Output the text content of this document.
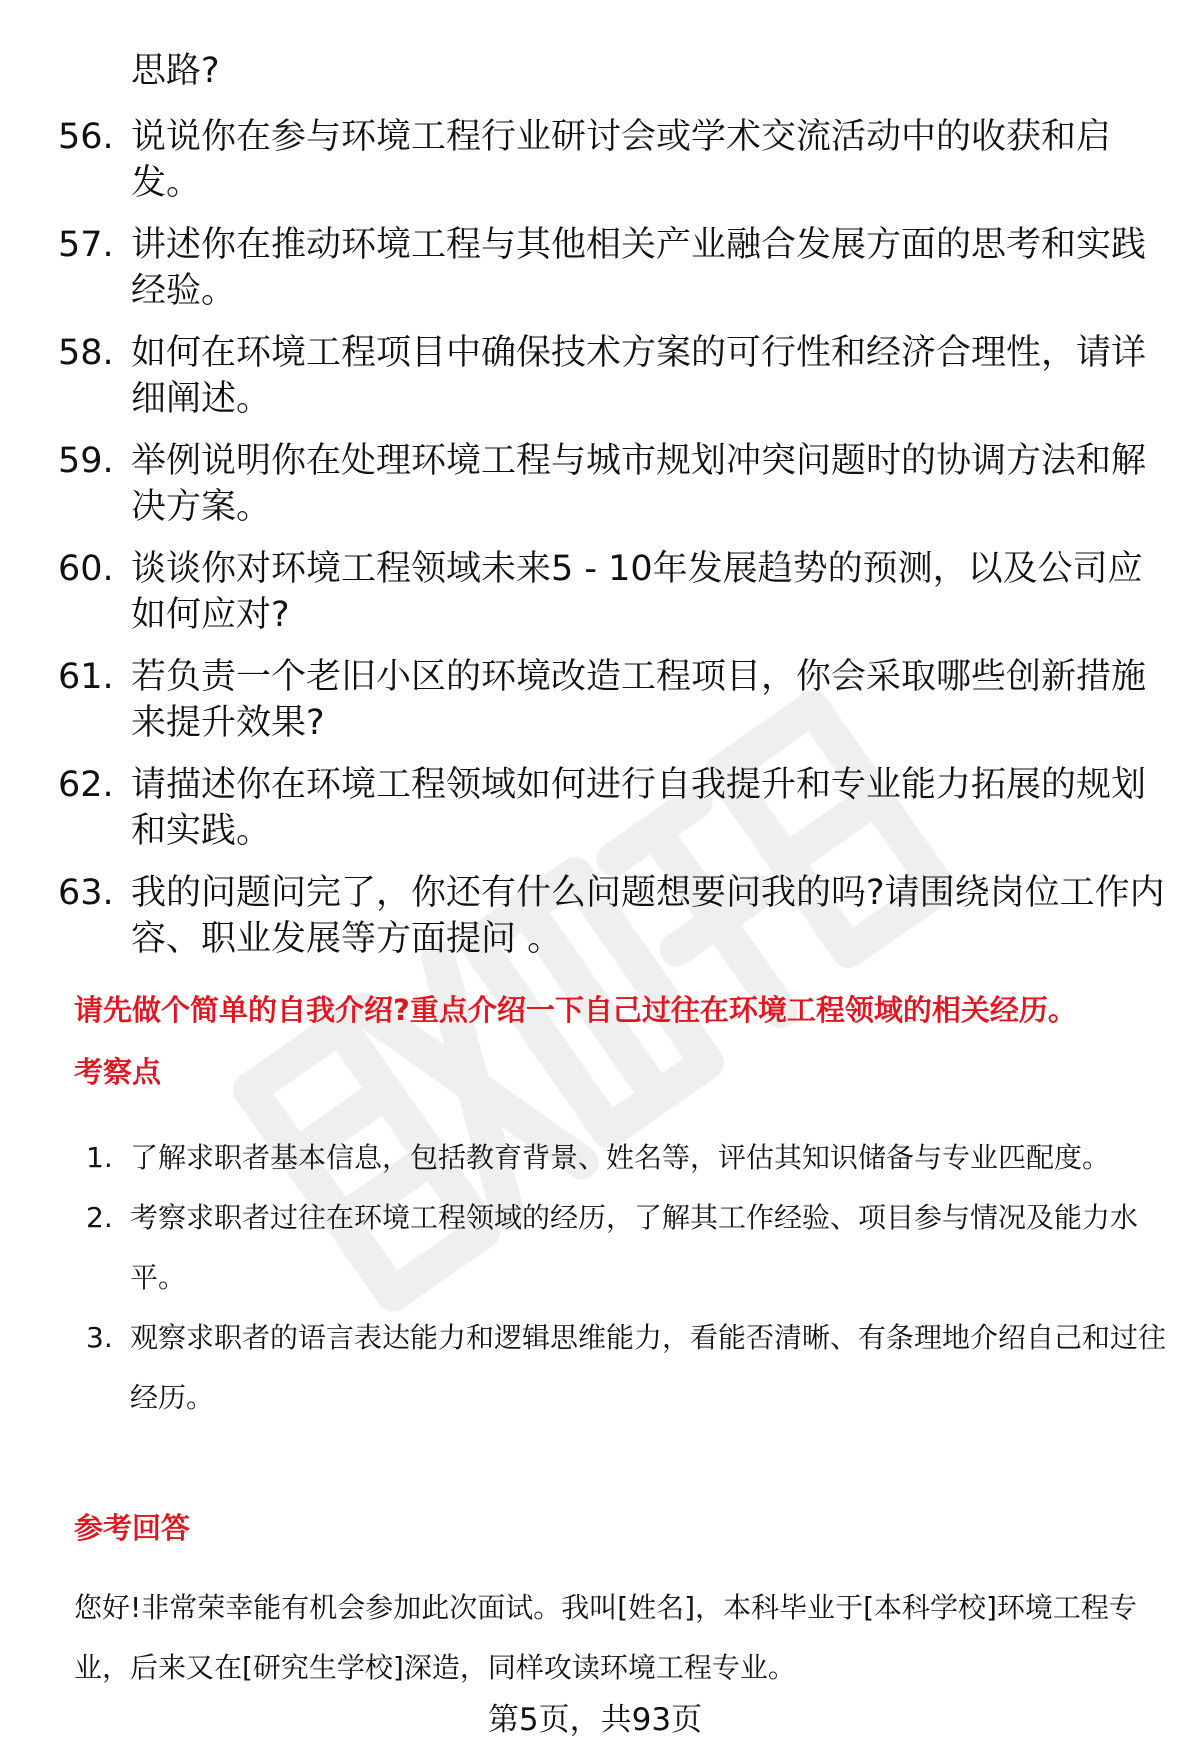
思路?
56. 说说你在参与环境工程行业研讨会或学术交流活动中的收获和启发。
57. 讲述你在推动环境工程与其他相关产业融合发展方面的思考和实践经验。
58. 如何在环境工程项目中确保技术方案的可行性和经济合理性，请详细阐述。
59. 举例说明你在处理环境工程与城市规划冲突问题时的协调方法和解决方案。
60. 谈谈你对环境工程领域未来5 - 10年发展趋势的预测，以及公司应如何应对?
61. 若负责一个老旧小区的环境改造工程项目，你会采取哪些创新措施来提升效果?
62. 请描述你在环境工程领域如何进行自我提升和专业能力拓展的规划和实践。
63. 我的问题问完了，你还有什么问题想要问我的吗?请围绕岗位工作内容、职业发展等方面提问 。
请先做个简单的自我介绍?重点介绍一下自己过往在环境工程领域的相关经历。
考察点
1. 了解求职者基本信息，包括教育背景、姓名等，评估其知识储备与专业匹配度。
2. 考察求职者过往在环境工程领域的经历，了解其工作经验、项目参与情况及能力水平。
3. 观察求职者的语言表达能力和逻辑思维能力，看能否清晰、有条理地介绍自己和过往经历。
参考回答
您好!非常荣幸能有机会参加此次面试。我叫[姓名]，本科毕业于[本科学校]环境工程专业，后来又在[研究生学校]深造，同样攻读环境工程专业。
第5页，共93页
